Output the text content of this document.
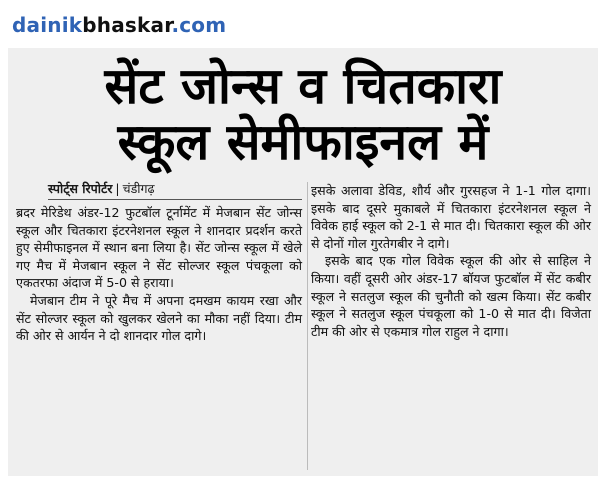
dainikbhaskar.com
सेंट जोन्स व चितकारा
स्कूल सेमीफाइनल में
स्पोर्ट्स रिपोर्टर | चंडीगढ़

ब्रदर मेरिडेथ अंडर-12 फुटबॉल टूर्नामेंट में मेजबान सेंट जोन्स स्कूल और चितकारा इंटरनेशनल स्कूल ने शानदार प्रदर्शन करते हुए सेमीफाइनल में स्थान बना लिया है। सेंट जोन्स स्कूल में खेले गए मैच में मेजबान स्कूल ने सेंट सोल्जर स्कूल पंचकूला को एकतरफा अंदाज में 5-0 से हराया।

मेजबान टीम ने पूरे मैच में अपना दमखम कायम रखा और सेंट सोल्जर स्कूल को खुलकर खेलने का मौका नहीं दिया। टीम की ओर से आर्यन ने दो शानदार गोल दागे।

इसके अलावा डेविड, शौर्य और गुरसहज ने 1-1 गोल दागा। इसके बाद दूसरे मुकाबले में चितकारा इंटरनेशनल स्कूल ने विवेक हाई स्कूल को 2-1 से मात दी। चितकारा स्कूल की ओर से दोनों गोल गुरतेगबीर ने दागे।

इसके बाद एक गोल विवेक स्कूल की ओर से साहिल ने किया। वहीं दूसरी ओर अंडर-17 बॉयज फुटबॉल में सेंट कबीर स्कूल ने सतलुज स्कूल की चुनौती को खत्म किया। सेंट कबीर स्कूल ने सतलुज स्कूल पंचकूला को 1-0 से मात दी। विजेता टीम की ओर से एकमात्र गोल राहुल ने दागा।
